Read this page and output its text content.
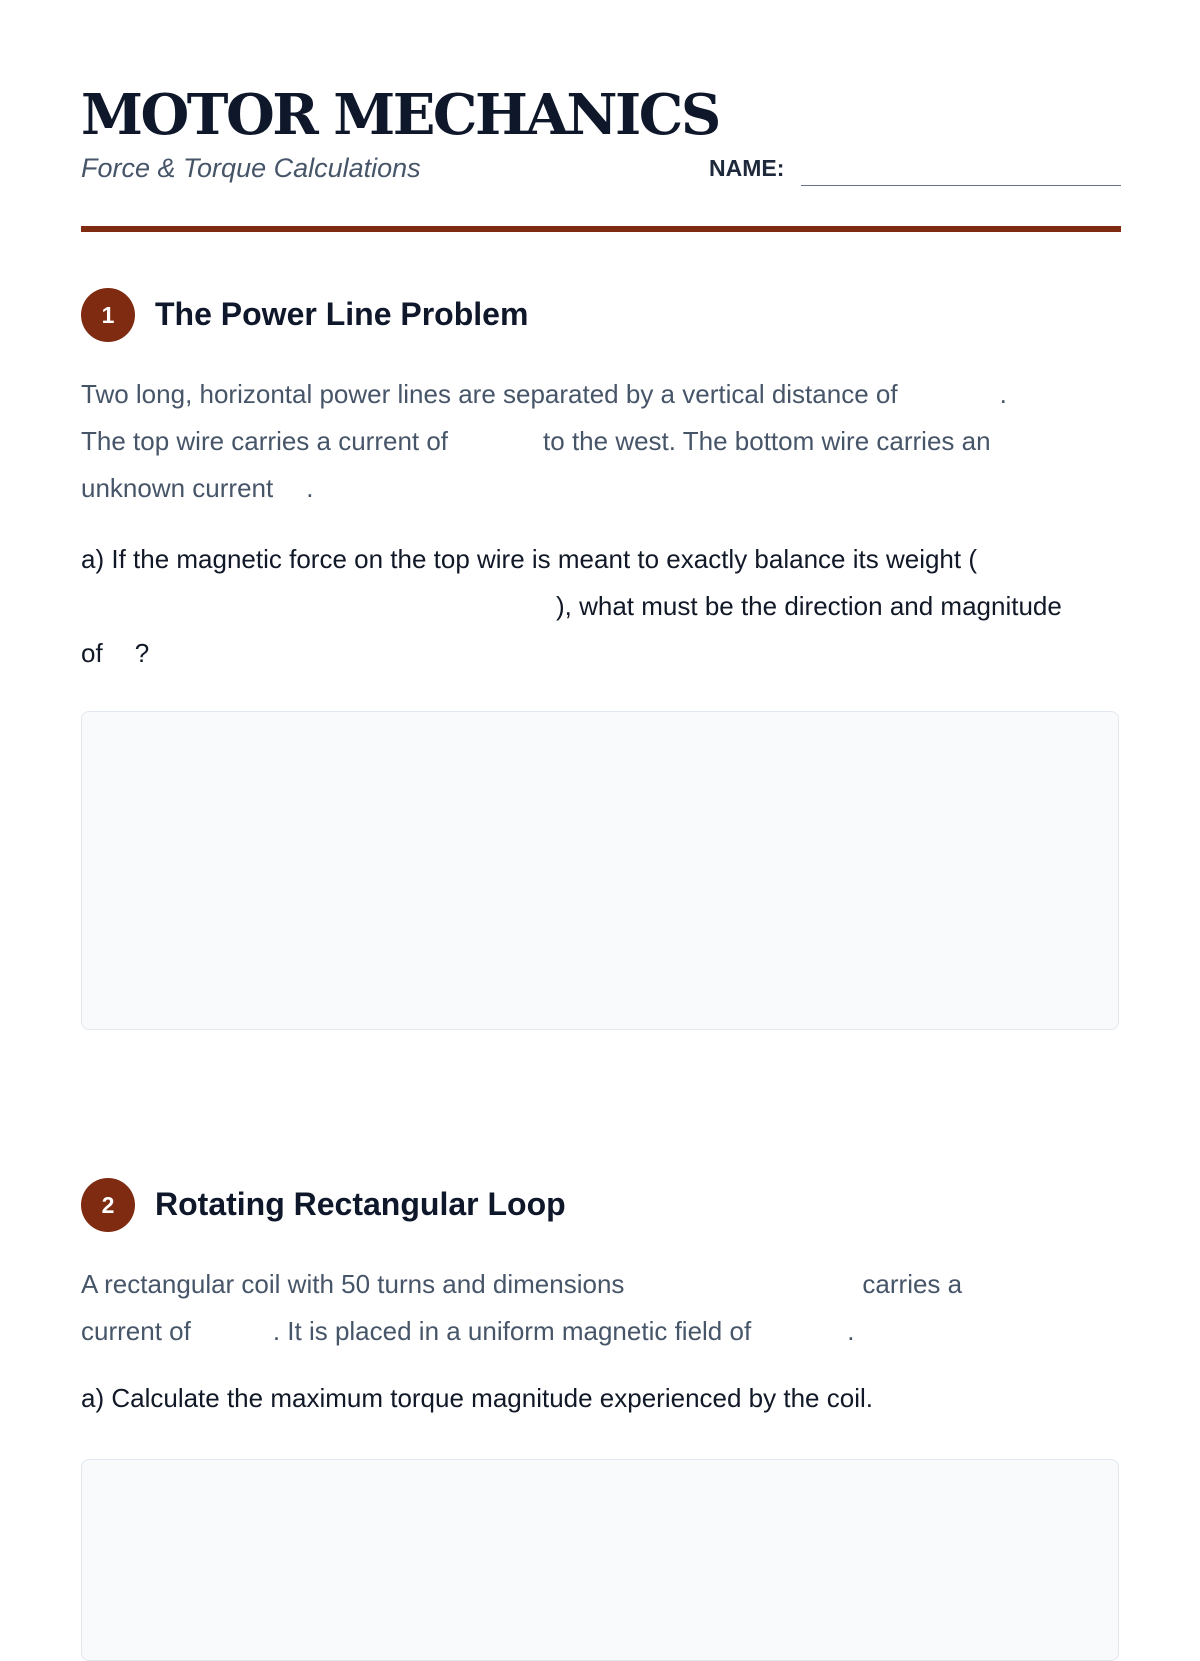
MOTOR MECHANICS
Force & Torque Calculations	NAME:
1	The Power Line Problem
Two long, horizontal power lines are separated by a vertical distance of	.
The top wire carries a current of	to the west. The bottom wire carries an
unknown current .
a) If the magnetic force on the top wire is meant to exactly balance its weight (
), what must be the direction and magnitude
of ?
2	Rotating Rectangular Loop
A rectangular coil with 50 turns and dimensions	carries a
current of	. It is placed in a uniform magnetic field of	.
a) Calculate the maximum torque magnitude experienced by the coil.
